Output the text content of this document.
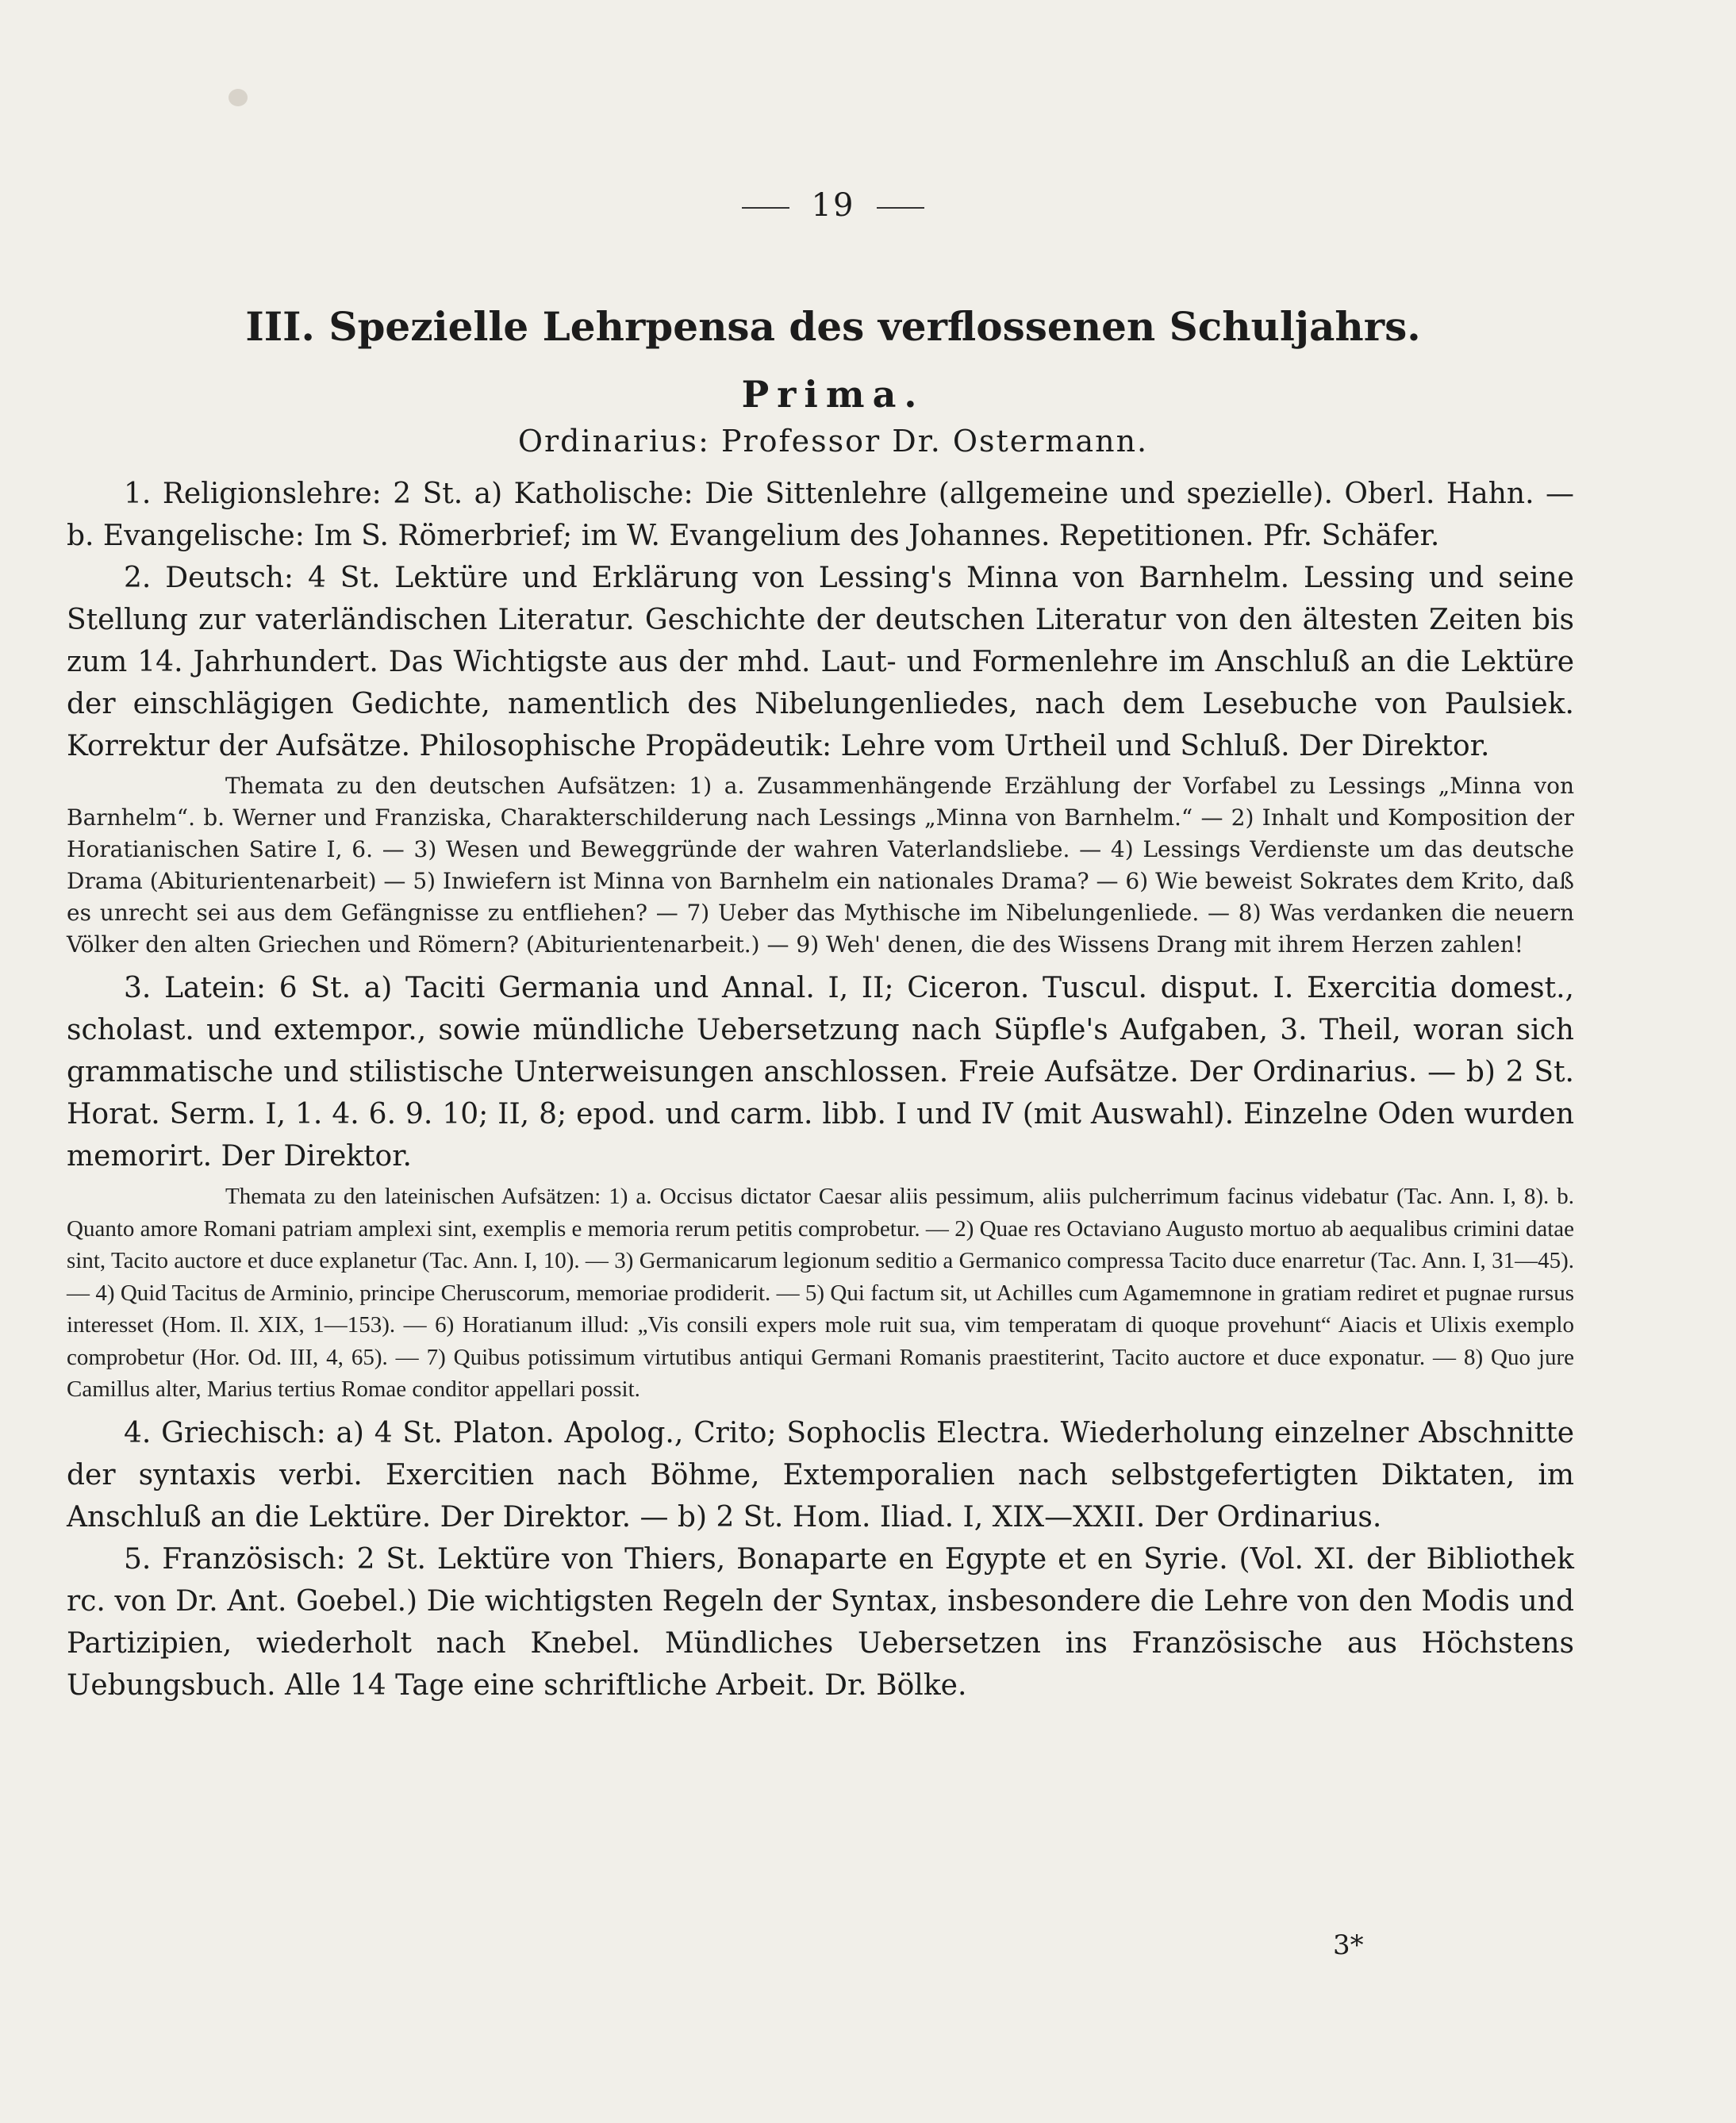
19
III. Spezielle Lehrpensa des verflossenen Schuljahrs.
Prima.
Ordinarius: Professor Dr. Ostermann.

1. Religionslehre: 2 St. a) Katholische: Die Sittenlehre (allgemeine und spezielle). Oberl. Hahn. — b. Evangelische: Im S. Römerbrief; im W. Evangelium des Johannes. Repetitionen. Pfr. Schäfer.

2. Deutsch: 4 St. Lektüre und Erklärung von Lessing's Minna von Barnhelm. Lessing und seine Stellung zur vaterländischen Literatur. Geschichte der deutschen Literatur von den ältesten Zeiten bis zum 14. Jahrhundert. Das Wichtigste aus der mhd. Laut- und Formenlehre im Anschluß an die Lektüre der einschlägigen Gedichte, namentlich des Nibelungenliedes, nach dem Lesebuche von Paulsiek. Korrektur der Aufsätze. Philosophische Propädeutik: Lehre vom Urtheil und Schluß. Der Direktor.

Themata zu den deutschen Aufsätzen: 1) a. Zusammenhängende Erzählung der Vorfabel zu Lessings „Minna von Barnhelm“. b. Werner und Franziska, Charakterschilderung nach Lessings „Minna von Barnhelm.“ — 2) Inhalt und Komposition der Horatianischen Satire I, 6. — 3) Wesen und Beweggründe der wahren Vaterlandsliebe. — 4) Lessings Verdienste um das deutsche Drama (Abiturientenarbeit) — 5) Inwiefern ist Minna von Barnhelm ein nationales Drama? — 6) Wie beweist Sokrates dem Krito, daß es unrecht sei aus dem Gefängnisse zu entfliehen? — 7) Ueber das Mythische im Nibelungenliede. — 8) Was verdanken die neuern Völker den alten Griechen und Römern? (Abiturientenarbeit.) — 9) Weh' denen, die des Wissens Drang mit ihrem Herzen zahlen!

3. Latein: 6 St. a) Taciti Germania und Annal. I, II; Ciceron. Tuscul. disput. I. Exercitia domest., scholast. und extempor., sowie mündliche Uebersetzung nach Süpfle's Aufgaben, 3. Theil, woran sich grammatische und stilistische Unterweisungen anschlossen. Freie Aufsätze. Der Ordinarius. — b) 2 St. Horat. Serm. I, 1. 4. 6. 9. 10; II, 8; epod. und carm. libb. I und IV (mit Auswahl). Einzelne Oden wurden memorirt. Der Direktor.

Themata zu den lateinischen Aufsätzen: 1) a. Occisus dictator Caesar aliis pessimum, aliis pulcherrimum facinus videbatur (Tac. Ann. I, 8). b. Quanto amore Romani patriam amplexi sint, exemplis e memoria rerum petitis comprobetur. — 2) Quae res Octaviano Augusto mortuo ab aequalibus crimini datae sint, Tacito auctore et duce explanetur (Tac. Ann. I, 10). — 3) Germanicarum legionum seditio a Germanico compressa Tacito duce enarretur (Tac. Ann. I, 31—45). — 4) Quid Tacitus de Arminio, principe Cheruscorum, memoriae prodiderit. — 5) Qui factum sit, ut Achilles cum Agamemnone in gratiam rediret et pugnae rursus interesset (Hom. Il. XIX, 1—153). — 6) Horatianum illud: „Vis consili expers mole ruit sua, vim temperatam di quoque provehunt“ Aiacis et Ulixis exemplo comprobetur (Hor. Od. III, 4, 65). — 7) Quibus potissimum virtutibus antiqui Germani Romanis praestiterint, Tacito auctore et duce exponatur. — 8) Quo jure Camillus alter, Marius tertius Romae conditor appellari possit.

4. Griechisch: a) 4 St. Platon. Apolog., Crito; Sophoclis Electra. Wiederholung einzelner Abschnitte der syntaxis verbi. Exercitien nach Böhme, Extemporalien nach selbstgefertigten Diktaten, im Anschluß an die Lektüre. Der Direktor. — b) 2 St. Hom. Iliad. I, XIX—XXII. Der Ordinarius.

5. Französisch: 2 St. Lektüre von Thiers, Bonaparte en Egypte et en Syrie. (Vol. XI. der Bibliothek rc. von Dr. Ant. Goebel.) Die wichtigsten Regeln der Syntax, insbesondere die Lehre von den Modis und Partizipien, wiederholt nach Knebel. Mündliches Uebersetzen ins Französische aus Höchstens Uebungsbuch. Alle 14 Tage eine schriftliche Arbeit. Dr. Bölke.

3*
